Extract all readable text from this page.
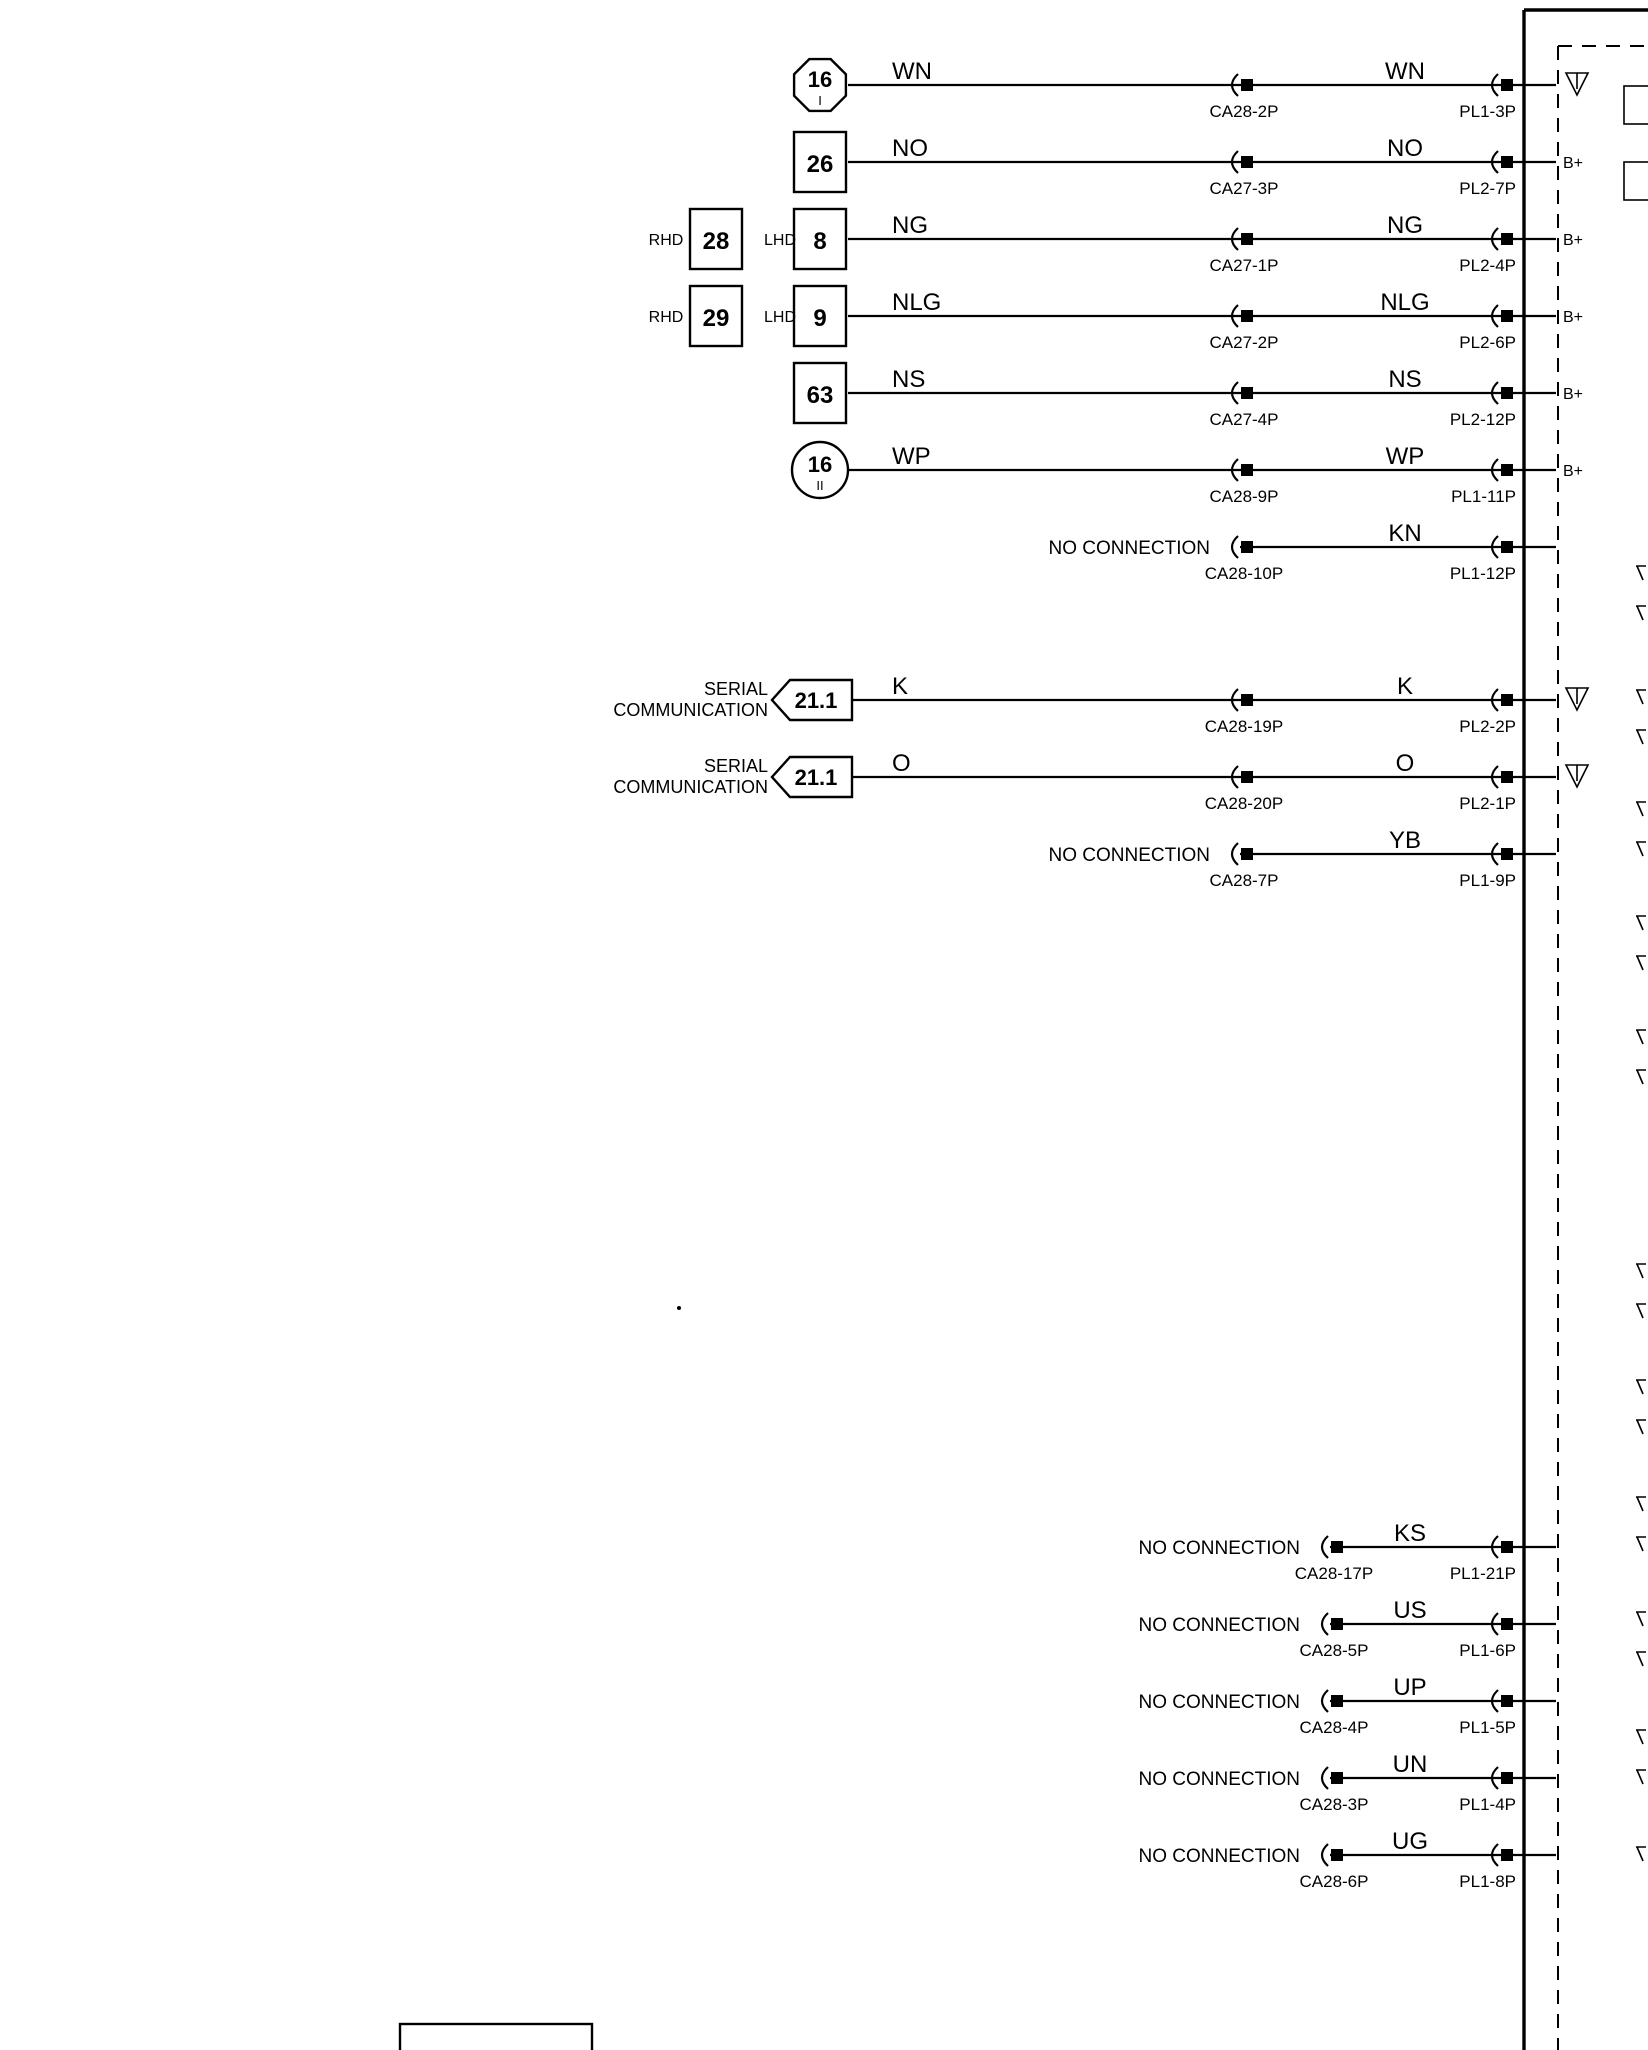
16
I
WN
CA28-2P	PL1-3P
WN
26
NO
CA27-3P	PL2-7P
NO
B+
8
LHD
28
RHD
NG
CA27-1P	PL2-4P
NG
B+
9
LHD
29
RHD
NLG
CA27-2P	PL2-6P
NLG
B+
63
NS
CA27-4P	PL2-12P
NS
B+
16
II
WP
CA28-9P	PL1-11P
WP
B+
NO CONNECTION
CA28-10P	PL1-12P
KN
21.1
SERIAL
COMMUNICATION
K
CA28-19P	PL2-2P
K
21.1
SERIAL
COMMUNICATION
O
CA28-20P	PL2-1P
O
NO CONNECTION
CA28-7P	PL1-9P
YB
NO CONNECTION
CA28-17P	PL1-21P
KS
NO CONNECTION
CA28-5P	PL1-6P
US
NO CONNECTION
CA28-4P	PL1-5P
UP
NO CONNECTION
CA28-3P	PL1-4P
UN
NO CONNECTION
CA28-6P	PL1-8P
UG
